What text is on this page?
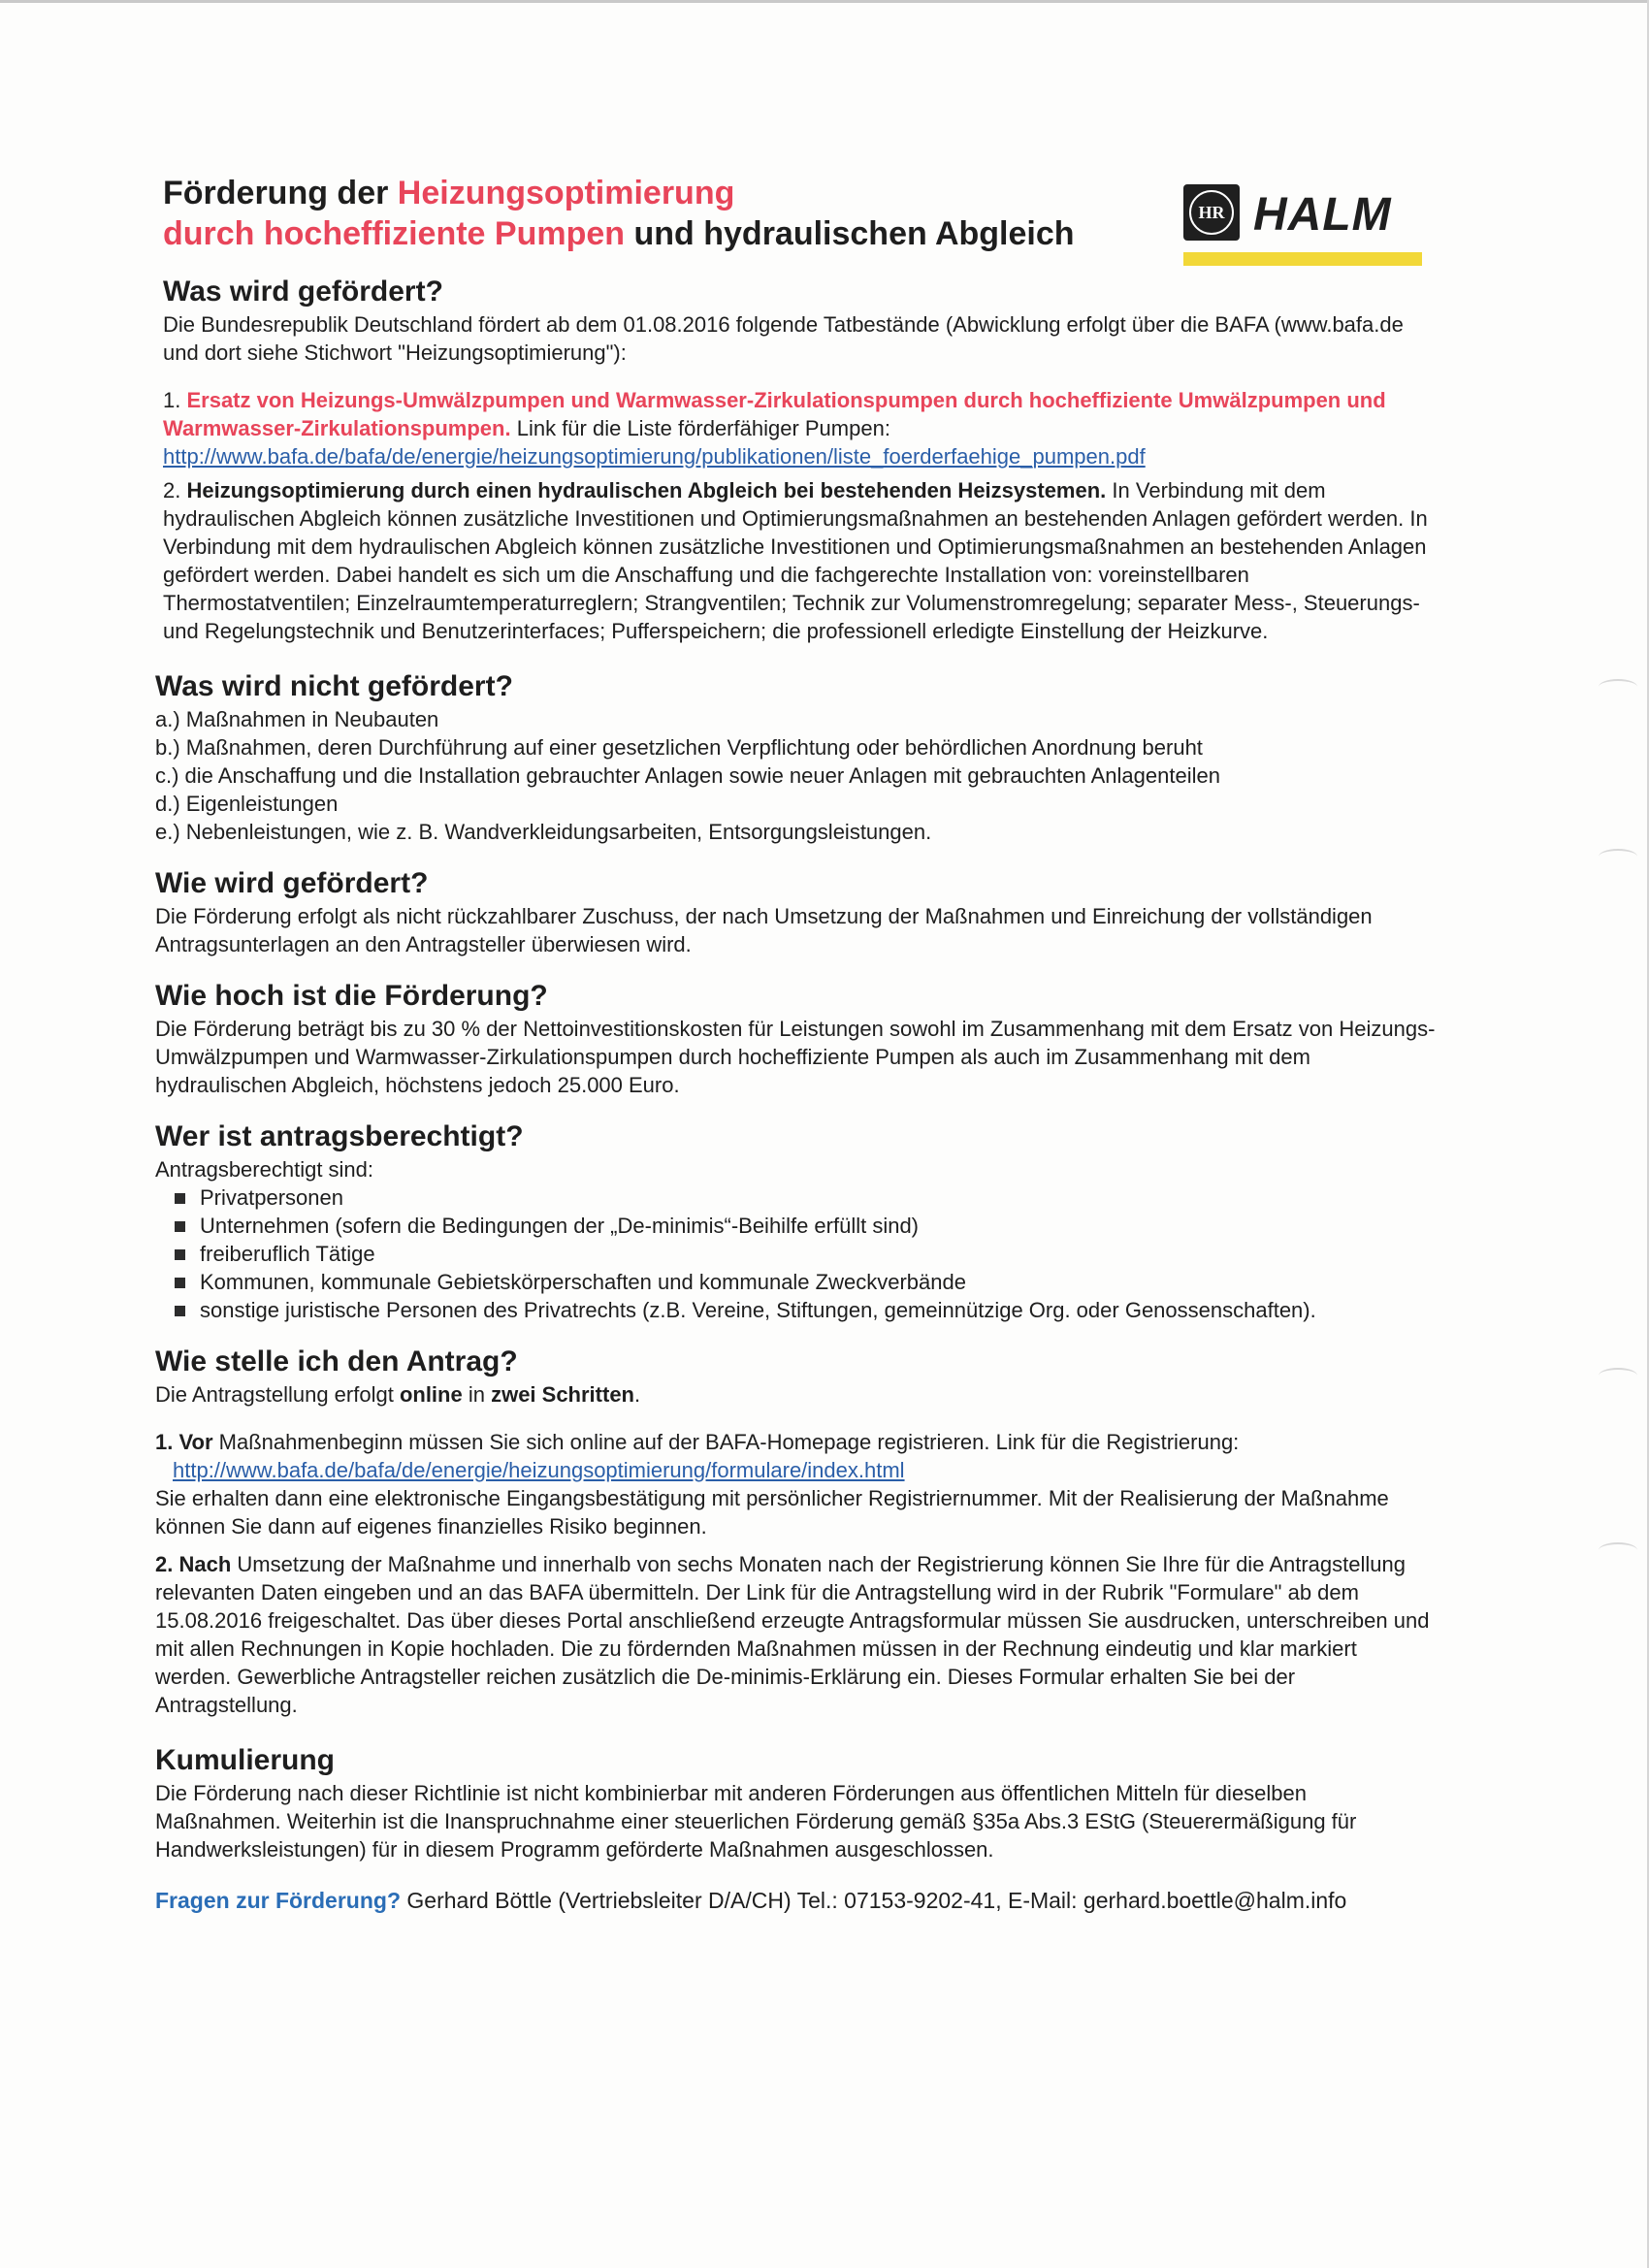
Förderung der Heizungsoptimierung
durch hocheffiziente Pumpen und hydraulischen Abgleich
HR HALM
Was wird gefördert?

Die Bundesrepublik Deutschland fördert ab dem 01.08.2016 folgende Tatbestände (Abwicklung erfolgt über die BAFA (www.bafa.de und dort siehe Stichwort "Heizungsoptimierung"):

1. Ersatz von Heizungs-Umwälzpumpen und Warmwasser-Zirkulationspumpen durch hocheffiziente Umwälzpumpen und Warmwasser-Zirkulationspumpen. Link für die Liste förderfähiger Pumpen:

http://www.bafa.de/bafa/de/energie/heizungsoptimierung/publikationen/liste_foerderfaehige_pumpen.pdf

2. Heizungsoptimierung durch einen hydraulischen Abgleich bei bestehenden Heizsystemen. In Verbindung mit dem hydraulischen Abgleich können zusätzliche Investitionen und Optimierungsmaßnahmen an bestehenden Anlagen gefördert werden. In Verbindung mit dem hydraulischen Abgleich können zusätzliche Investitionen und Optimierungsmaßnahmen an bestehenden Anlagen gefördert werden. Dabei handelt es sich um die Anschaffung und die fachgerechte Installation von: voreinstellbaren Thermostatventilen; Einzelraumtemperaturreglern; Strangventilen; Technik zur Volumenstromregelung; separater Mess-, Steuerungs- und Regelungstechnik und Benutzerinterfaces; Pufferspeichern; die professionell erledigte Einstellung der Heizkurve.

Was wird nicht gefördert?
a.) Maßnahmen in Neubauten
b.) Maßnahmen, deren Durchführung auf einer gesetzlichen Verpflichtung oder behördlichen Anordnung beruht
c.) die Anschaffung und die Installation gebrauchter Anlagen sowie neuer Anlagen mit gebrauchten Anlagenteilen
d.) Eigenleistungen
e.) Nebenleistungen, wie z. B. Wandverkleidungsarbeiten, Entsorgungsleistungen.
Wie wird gefördert?

Die Förderung erfolgt als nicht rückzahlbarer Zuschuss, der nach Umsetzung der Maßnahmen und Einreichung der vollständigen Antragsunterlagen an den Antragsteller überwiesen wird.

Wie hoch ist die Förderung?

Die Förderung beträgt bis zu 30 % der Nettoinvestitionskosten für Leistungen sowohl im Zusammenhang mit dem Ersatz von Heizungs-Umwälzpumpen und Warmwasser-Zirkulationspumpen durch hocheffiziente Pumpen als auch im Zusammenhang mit dem hydraulischen Abgleich, höchstens jedoch 25.000 Euro.

Wer ist antragsberechtigt?

Antragsberechtigt sind:

Privatpersonen
Unternehmen (sofern die Bedingungen der „De-minimis“-Beihilfe erfüllt sind)
freiberuflich Tätige
Kommunen, kommunale Gebietskörperschaften und kommunale Zweckverbände
sonstige juristische Personen des Privatrechts (z.B. Vereine, Stiftungen, gemeinnützige Org. oder Genossenschaften).
Wie stelle ich den Antrag?

Die Antragstellung erfolgt online in zwei Schritten.

1. Vor Maßnahmenbeginn müssen Sie sich online auf der BAFA-Homepage registrieren. Link für die Registrierung:

http://www.bafa.de/bafa/de/energie/heizungsoptimierung/formulare/index.html

Sie erhalten dann eine elektronische Eingangsbestätigung mit persönlicher Registriernummer. Mit der Realisierung der Maßnahme können Sie dann auf eigenes finanzielles Risiko beginnen.

2. Nach Umsetzung der Maßnahme und innerhalb von sechs Monaten nach der Registrierung können Sie Ihre für die Antragstellung relevanten Daten eingeben und an das BAFA übermitteln. Der Link für die Antragstellung wird in der Rubrik "Formulare" ab dem 15.08.2016 freigeschaltet. Das über dieses Portal anschließend erzeugte Antragsformular müssen Sie ausdrucken, unterschreiben und mit allen Rechnungen in Kopie hochladen. Die zu fördernden Maßnahmen müssen in der Rechnung eindeutig und klar markiert werden. Gewerbliche Antragsteller reichen zusätzlich die De-minimis-Erklärung ein. Dieses Formular erhalten Sie bei der Antragstellung.

Kumulierung

Die Förderung nach dieser Richtlinie ist nicht kombinierbar mit anderen Förderungen aus öffentlichen Mitteln für dieselben Maßnahmen. Weiterhin ist die Inanspruchnahme einer steuerlichen Förderung gemäß §35a Abs.3 EStG (Steuerermäßigung für Handwerksleistungen) für in diesem Programm geförderte Maßnahmen ausgeschlossen.

Fragen zur Förderung? Gerhard Böttle (Vertriebsleiter D/A/CH) Tel.: 07153-9202-41, E-Mail: gerhard.boettle@halm.info
